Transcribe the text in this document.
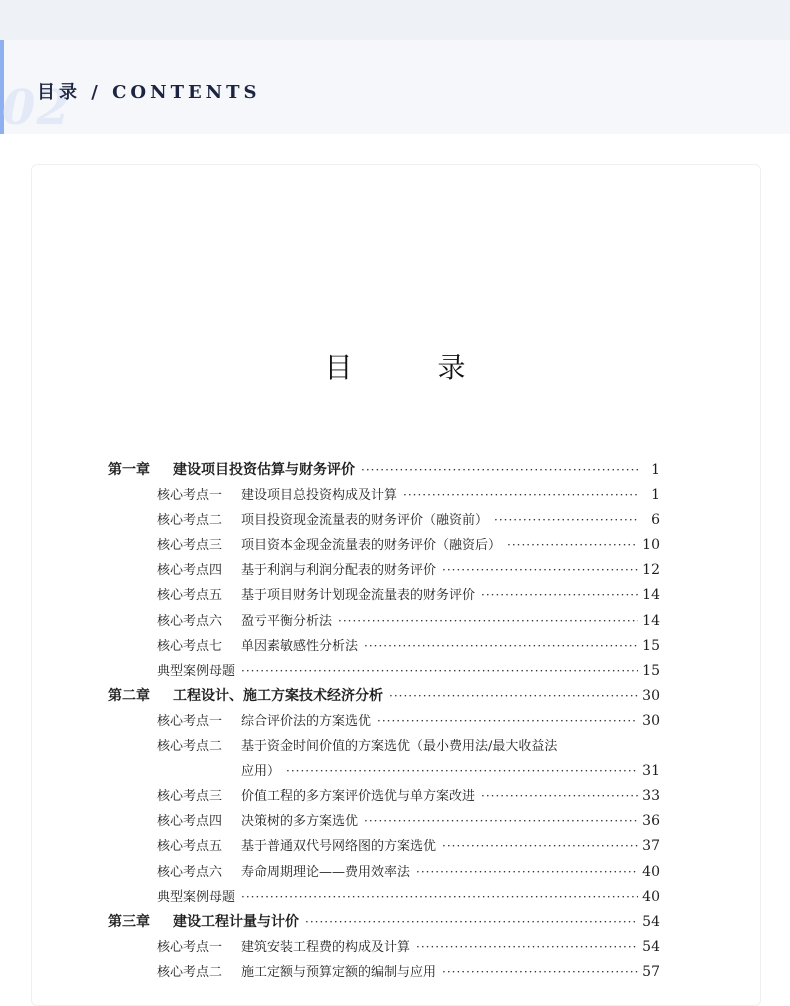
02
目录 / CONTENTS
目 录
第一章	建设项目投资估算与财务评价 ·····	1
核心考点一	建设项目总投资构成及计算 ·····	1
核心考点二	项目投资现金流量表的财务评价（融资前） ·····	6
核心考点三	项目资本金现金流量表的财务评价（融资后） ·····	10
核心考点四	基于利润与利润分配表的财务评价 ·····	12
核心考点五	基于项目财务计划现金流量表的财务评价 ·····	14
核心考点六	盈亏平衡分析法 ·····	14
核心考点七	单因素敏感性分析法 ·····	15
典型案例母题 ·····	15
第二章	工程设计、施工方案技术经济分析 ·····	30
核心考点一	综合评价法的方案选优 ·····	30
核心考点二	基于资金时间价值的方案选优（最小费用法/最大收益法
应用） ·····	31
核心考点三	价值工程的多方案评价选优与单方案改进 ·····	33
核心考点四	决策树的多方案选优 ·····	36
核心考点五	基于普通双代号网络图的方案选优 ·····	37
核心考点六	寿命周期理论——费用效率法 ·····	40
典型案例母题 ·····	40
第三章	建设工程计量与计价 ·····	54
核心考点一	建筑安装工程费的构成及计算 ·····	54
核心考点二	施工定额与预算定额的编制与应用 ·····	57
